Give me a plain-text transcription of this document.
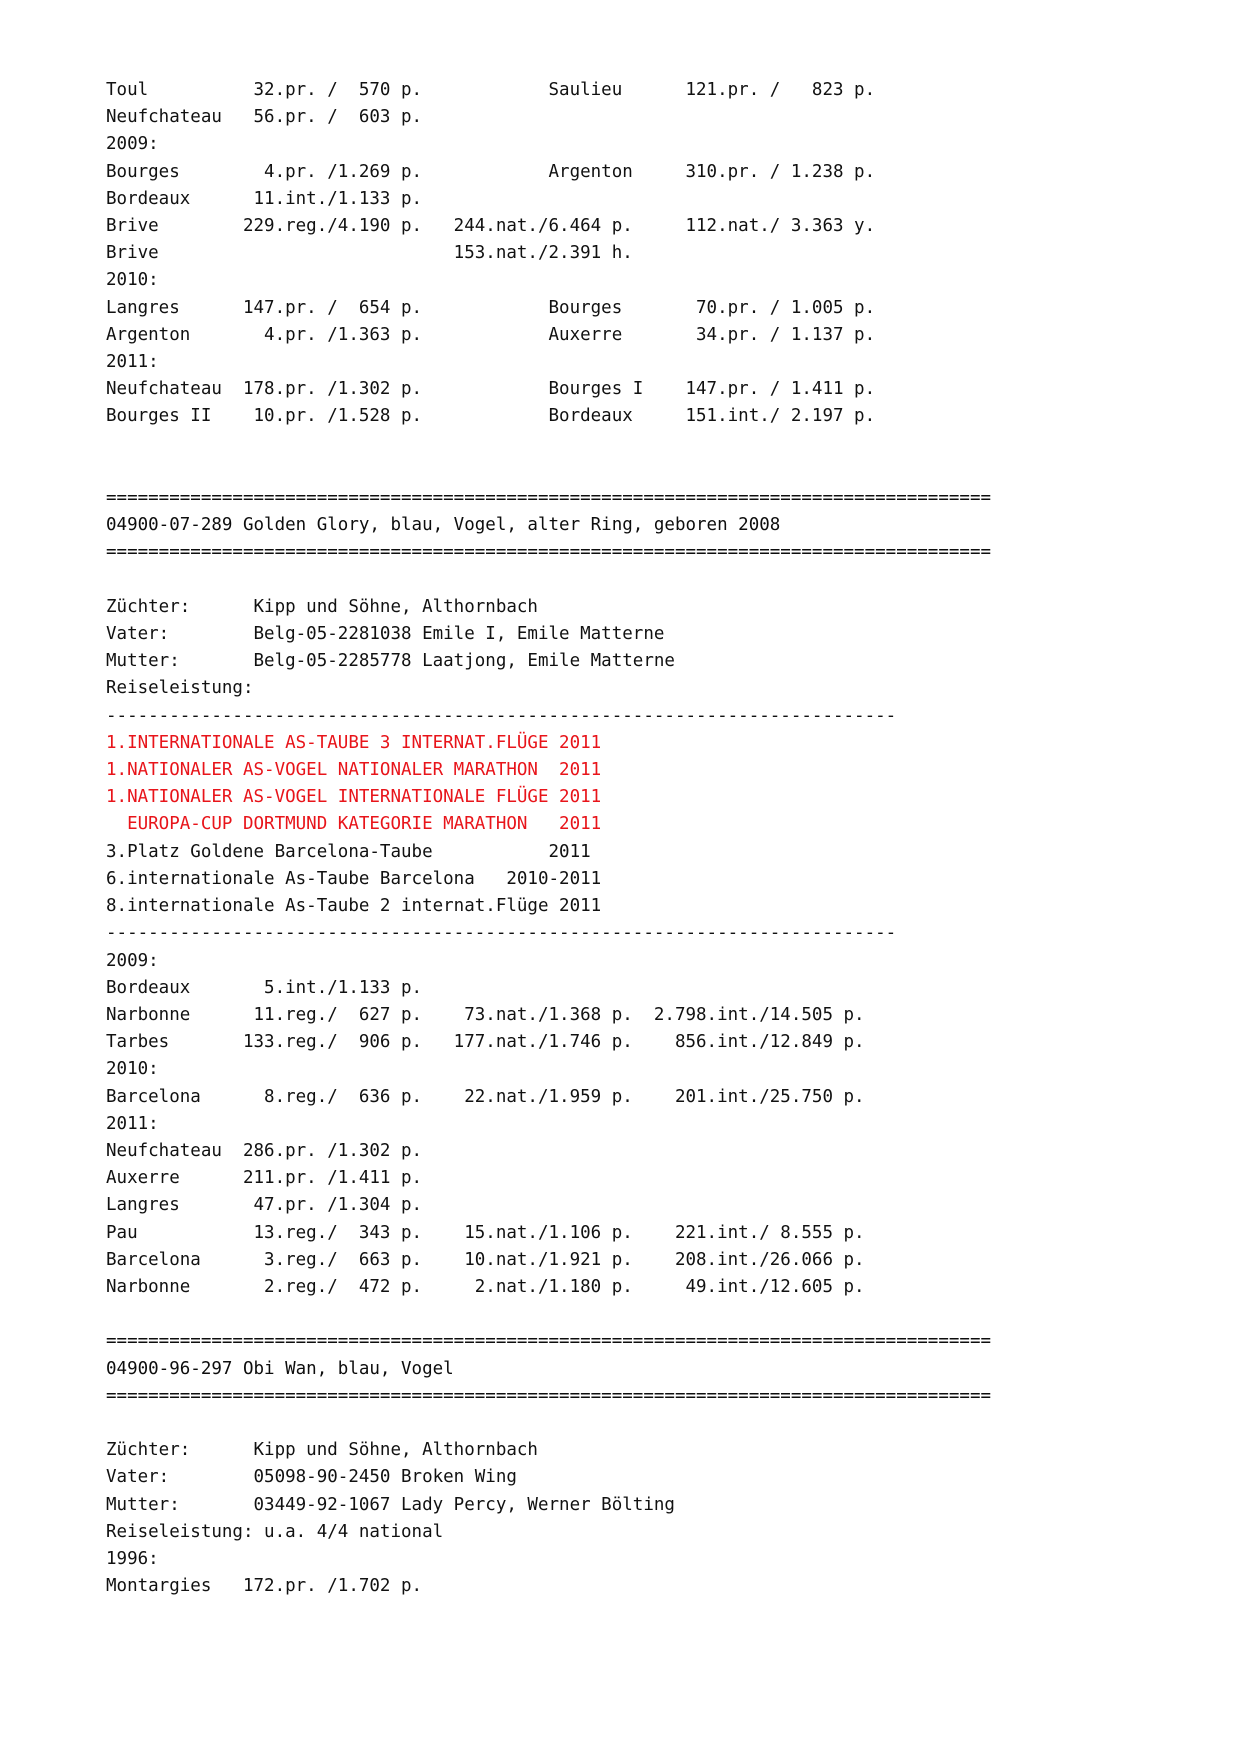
Toul          32.pr. /  570 p.            Saulieu      121.pr. /   823 p.
Neufchateau   56.pr. /  603 p.
2009:
Bourges        4.pr. /1.269 p.            Argenton     310.pr. / 1.238 p.
Bordeaux      11.int./1.133 p.
Brive        229.reg./4.190 p.   244.nat./6.464 p.     112.nat./ 3.363 y.
Brive                            153.nat./2.391 h.
2010:
Langres      147.pr. /  654 p.            Bourges       70.pr. / 1.005 p.
Argenton       4.pr. /1.363 p.            Auxerre       34.pr. / 1.137 p.
2011:
Neufchateau  178.pr. /1.302 p.            Bourges I    147.pr. / 1.411 p.
Bourges II    10.pr. /1.528 p.            Bordeaux     151.int./ 2.197 p.

====================================================================================
04900-07-289 Golden Glory, blau, Vogel, alter Ring, geboren 2008
====================================================================================

Züchter:      Kipp und Söhne, Althornbach
Vater:        Belg-05-2281038 Emile I, Emile Matterne
Mutter:       Belg-05-2285778 Laatjong, Emile Matterne
Reiseleistung:
---------------------------------------------------------------------------
1.INTERNATIONALE AS-TAUBE 3 INTERNAT.FLÜGE 2011
1.NATIONALER AS-VOGEL NATIONALER MARATHON  2011
1.NATIONALER AS-VOGEL INTERNATIONALE FLÜGE 2011
EUROPA-CUP DORTMUND KATEGORIE MARATHON   2011
3.Platz Goldene Barcelona-Taube           2011
6.internationale As-Taube Barcelona   2010-2011
8.internationale As-Taube 2 internat.Flüge 2011
---------------------------------------------------------------------------
2009:
Bordeaux       5.int./1.133 p.
Narbonne      11.reg./  627 p.    73.nat./1.368 p.  2.798.int./14.505 p.
Tarbes       133.reg./  906 p.   177.nat./1.746 p.    856.int./12.849 p.
2010:
Barcelona      8.reg./  636 p.    22.nat./1.959 p.    201.int./25.750 p.
2011:
Neufchateau  286.pr. /1.302 p.
Auxerre      211.pr. /1.411 p.
Langres       47.pr. /1.304 p.
Pau           13.reg./  343 p.    15.nat./1.106 p.    221.int./ 8.555 p.
Barcelona      3.reg./  663 p.    10.nat./1.921 p.    208.int./26.066 p.
Narbonne       2.reg./  472 p.     2.nat./1.180 p.     49.int./12.605 p.

====================================================================================
04900-96-297 Obi Wan, blau, Vogel
====================================================================================

Züchter:      Kipp und Söhne, Althornbach
Vater:        05098-90-2450 Broken Wing
Mutter:       03449-92-1067 Lady Percy, Werner Bölting
Reiseleistung: u.a. 4/4 national
1996:
Montargies   172.pr. /1.702 p.
